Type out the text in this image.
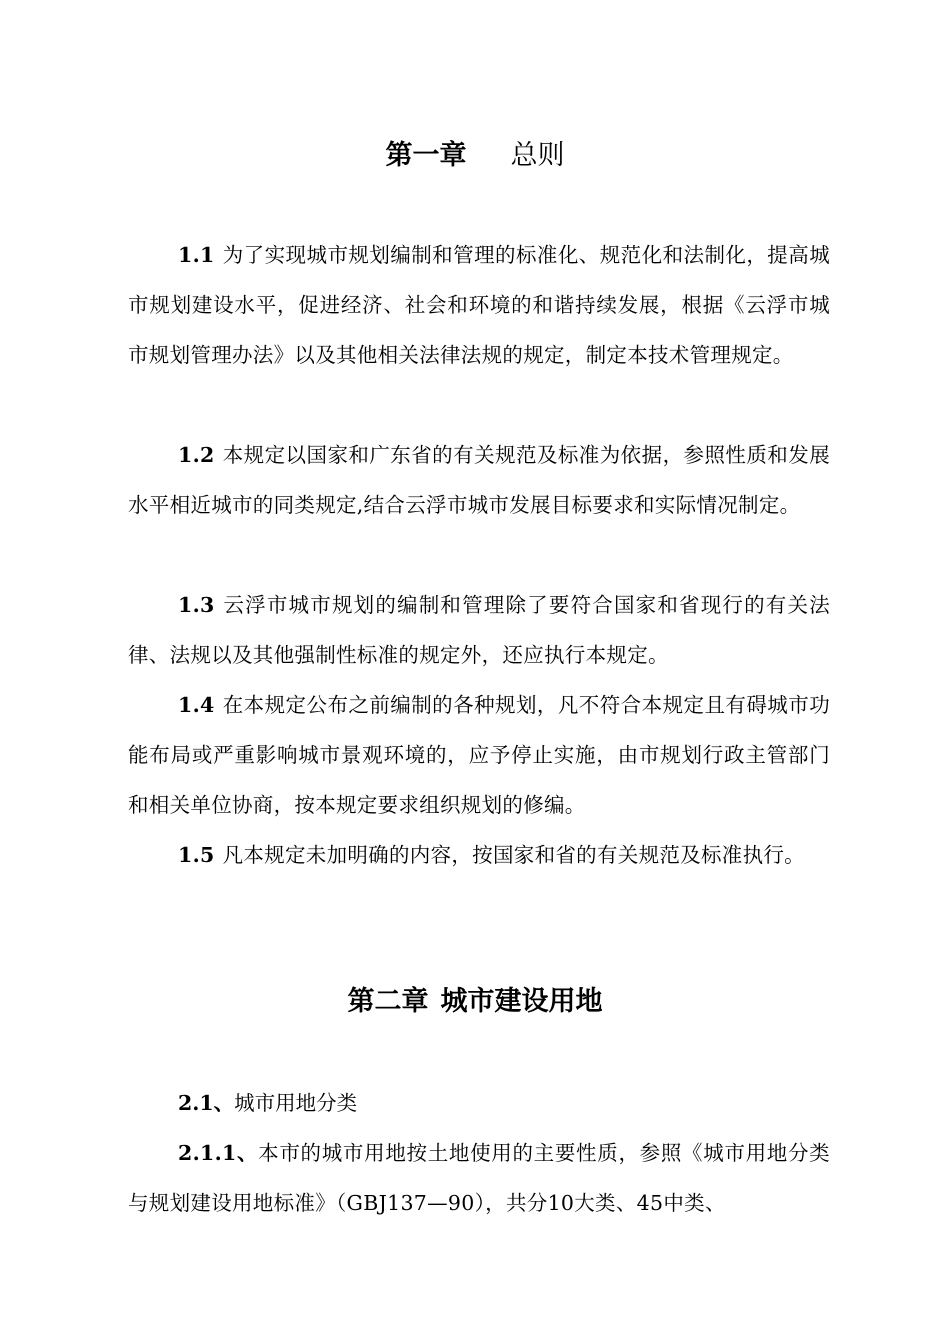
第一章 总则

1.1 为了实现城市规划编制和管理的标准化、规范化和法制化，提高城市规划建设水平，促进经济、社会和环境的和谐持续发展，根据《云浮市城市规划管理办法》以及其他相关法律法规的规定，制定本技术管理规定。

1.2 本规定以国家和广东省的有关规范及标准为依据，参照性质和发展水平相近城市的同类规定,结合云浮市城市发展目标要求和实际情况制定。

1.3 云浮市城市规划的编制和管理除了要符合国家和省现行的有关法律、法规以及其他强制性标准的规定外，还应执行本规定。

1.4 在本规定公布之前编制的各种规划，凡不符合本规定且有碍城市功能布局或严重影响城市景观环境的，应予停止实施，由市规划行政主管部门和相关单位协商，按本规定要求组织规划的修编。

1.5 凡本规定未加明确的内容，按国家和省的有关规范及标准执行。

第二章 城市建设用地

2.1、城市用地分类

2.1.1、本市的城市用地按土地使用的主要性质，参照《城市用地分类与规划建设用地标准》（GBJ137—90），共分10大类、45中类、
